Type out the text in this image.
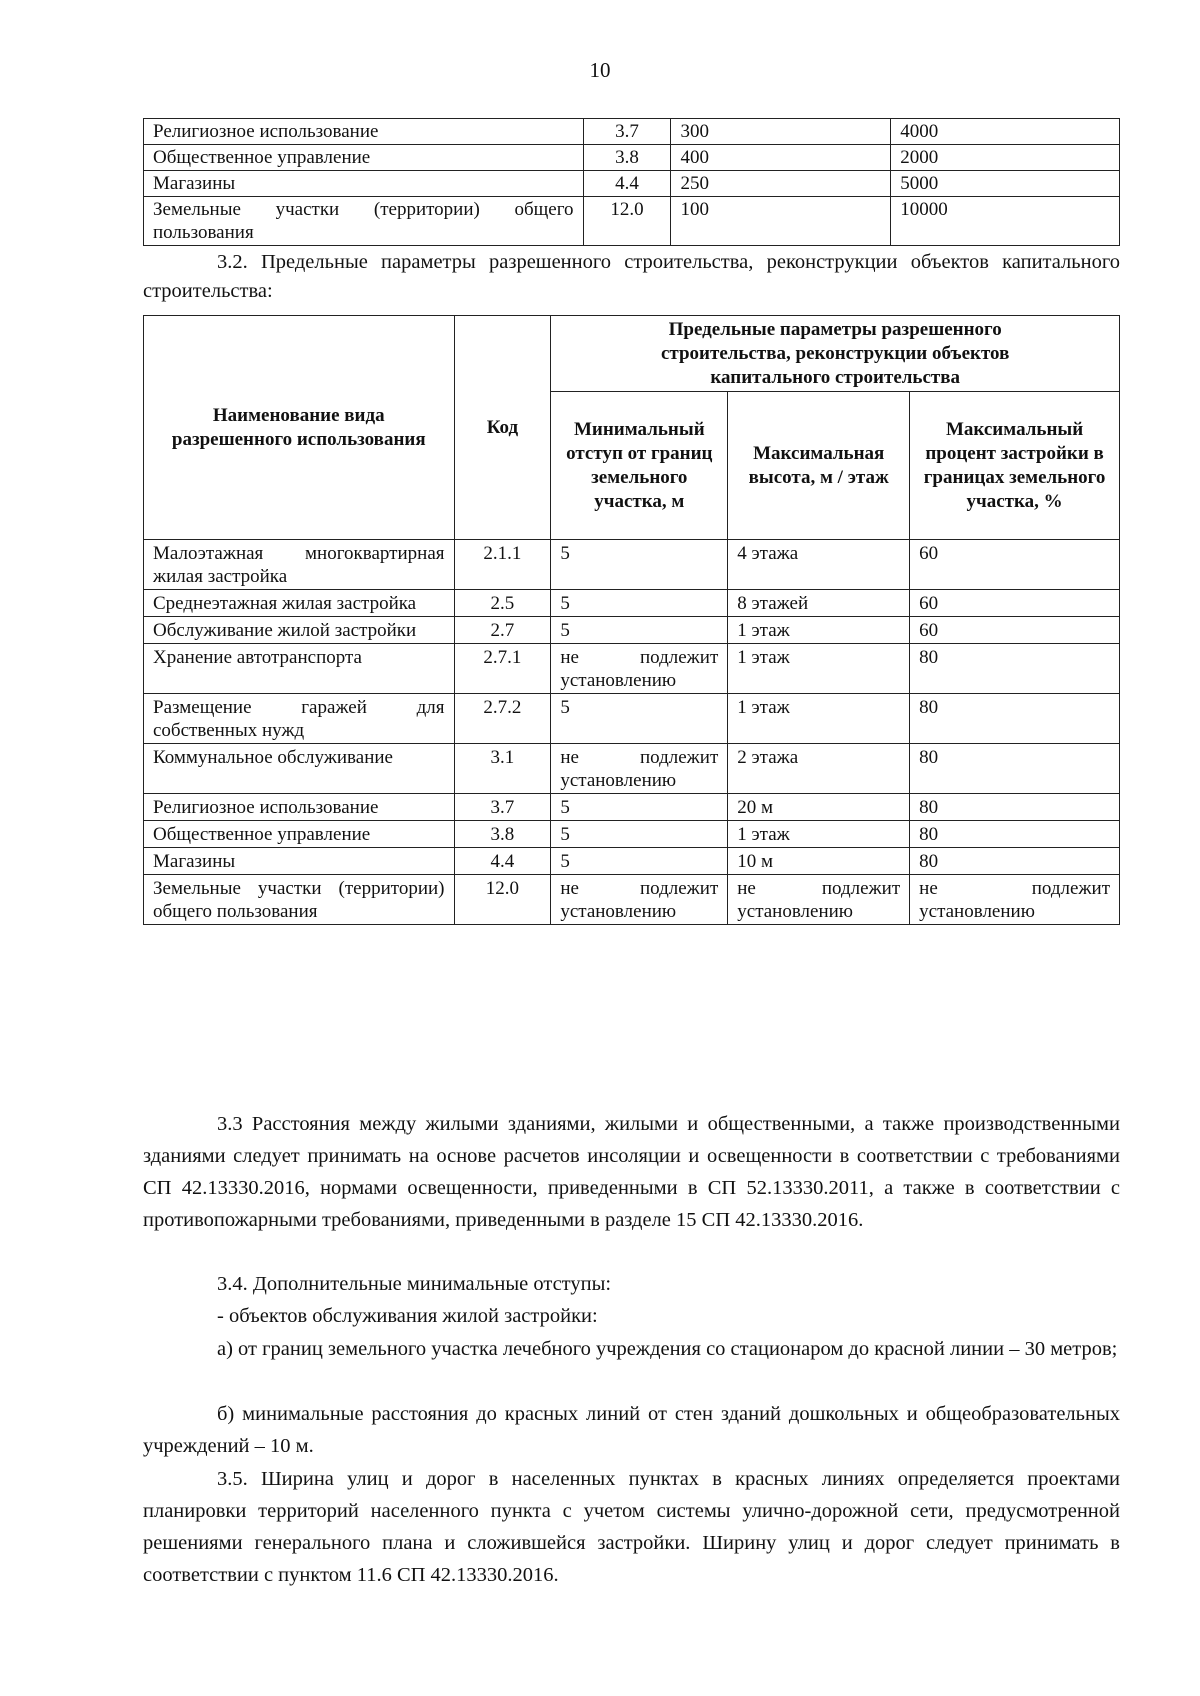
10
Религиозное использование	3.7	300	4000
Общественное управление	3.8	400	2000
Магазины	4.4	250	5000
Земельные участки (территории) общего пользования	12.0	100	10000

3.2. Предельные параметры разрешенного строительства, реконструкции объектов капитального строительства:

Наименование вида разрешенного использования	Код	Предельные параметры разрешенного строительства, реконструкции объектов капитального строительства		
		Минимальный отступ от границ земельного участка, м	Максимальная высота, м / этаж	Максимальный процент застройки в границах земельного участка, %
Малоэтажная многоквартирная жилая застройка	2.1.1	5	4 этажа	60
Среднеэтажная жилая застройка	2.5	5	8 этажей	60
Обслуживание жилой застройки	2.7	5	1 этаж	60
Хранение автотранспорта	2.7.1	не подлежит установлению	1 этаж	80
Размещение гаражей для собственных нужд	2.7.2	5	1 этаж	80
Коммунальное обслуживание	3.1	не подлежит установлению	2 этажа	80
Религиозное использование	3.7	5	20 м	80
Общественное управление	3.8	5	1 этаж	80
Магазины	4.4	5	10 м	80
Земельные участки (территории) общего пользования	12.0	не подлежит установлению	не подлежит установлению	не подлежит установлению

3.3 Расстояния между жилыми зданиями, жилыми и общественными, а также производственными зданиями следует принимать на основе расчетов инсоляции и освещенности в соответствии с требованиями СП 42.13330.2016, нормами освещенности, приведенными в СП 52.13330.2011, а также в соответствии с противопожарными требованиями, приведенными в разделе 15 СП 42.13330.2016.

3.4. Дополнительные минимальные отступы:

- объектов обслуживания жилой застройки:

а) от границ земельного участка лечебного учреждения со стационаром до красной линии – 30 метров;

б) минимальные расстояния до красных линий от стен зданий дошкольных и общеобразовательных учреждений – 10 м.

3.5. Ширина улиц и дорог в населенных пунктах в красных линиях определяется проектами планировки территорий населенного пункта с учетом системы улично-дорожной сети, предусмотренной решениями генерального плана и сложившейся застройки. Ширину улиц и дорог следует принимать в соответствии с пунктом 11.6 СП 42.13330.2016.
